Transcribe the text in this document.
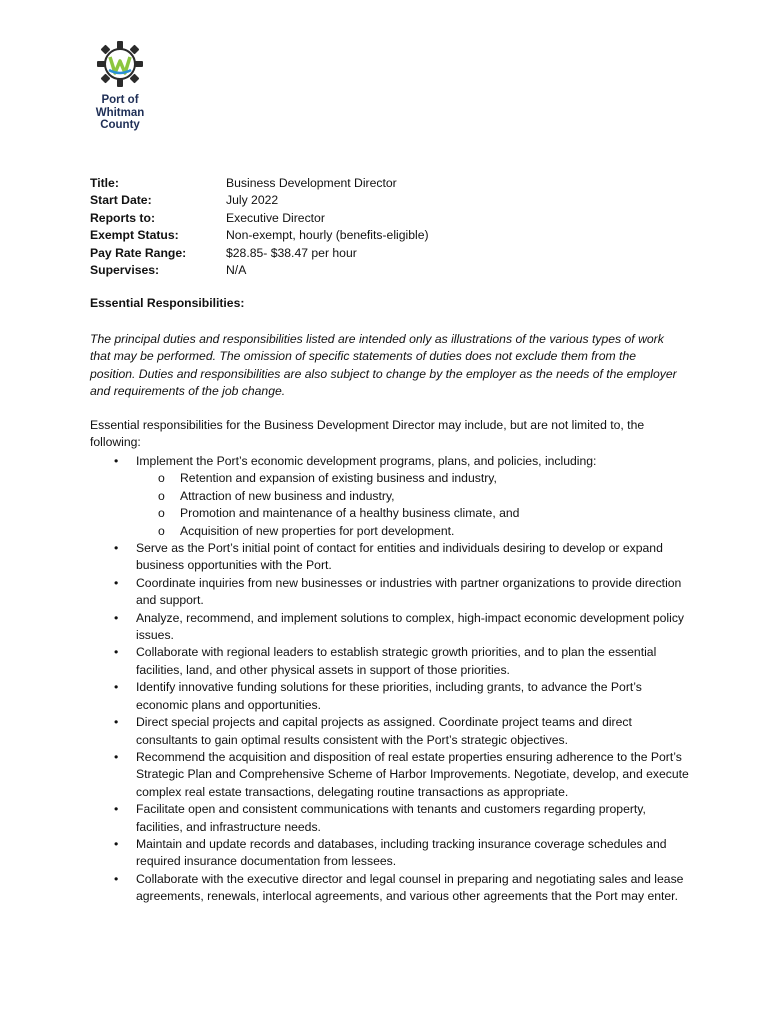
Port of
Whitman
County
Title:	Business Development Director
Start Date:	July 2022
Reports to:	Executive Director
Exempt Status:	Non-exempt, hourly (benefits-eligible)
Pay Rate Range:	$28.85- $38.47 per hour
Supervises:	N/A
Essential Responsibilities:
The principal duties and responsibilities listed are intended only as illustrations of the various types of work that may be performed. The omission of specific statements of duties does not exclude them from the position. Duties and responsibilities are also subject to change by the employer as the needs of the employer and requirements of the job change.
Essential responsibilities for the Business Development Director may include, but are not limited to, the following:
• Implement the Port’s economic development programs, plans, and policies, including:
o Retention and expansion of existing business and industry,
o Attraction of new business and industry,
o Promotion and maintenance of a healthy business climate, and
o Acquisition of new properties for port development.
• Serve as the Port’s initial point of contact for entities and individuals desiring to develop or expand business opportunities with the Port.
• Coordinate inquiries from new businesses or industries with partner organizations to provide direction and support.
• Analyze, recommend, and implement solutions to complex, high-impact economic development policy issues.
• Collaborate with regional leaders to establish strategic growth priorities, and to plan the essential facilities, land, and other physical assets in support of those priorities.
• Identify innovative funding solutions for these priorities, including grants, to advance the Port’s economic plans and opportunities.
• Direct special projects and capital projects as assigned. Coordinate project teams and direct consultants to gain optimal results consistent with the Port’s strategic objectives.
• Recommend the acquisition and disposition of real estate properties ensuring adherence to the Port’s Strategic Plan and Comprehensive Scheme of Harbor Improvements. Negotiate, develop, and execute complex real estate transactions, delegating routine transactions as appropriate.
• Facilitate open and consistent communications with tenants and customers regarding property, facilities, and infrastructure needs.
• Maintain and update records and databases, including tracking insurance coverage schedules and required insurance documentation from lessees.
• Collaborate with the executive director and legal counsel in preparing and negotiating sales and lease agreements, renewals, interlocal agreements, and various other agreements that the Port may enter.
